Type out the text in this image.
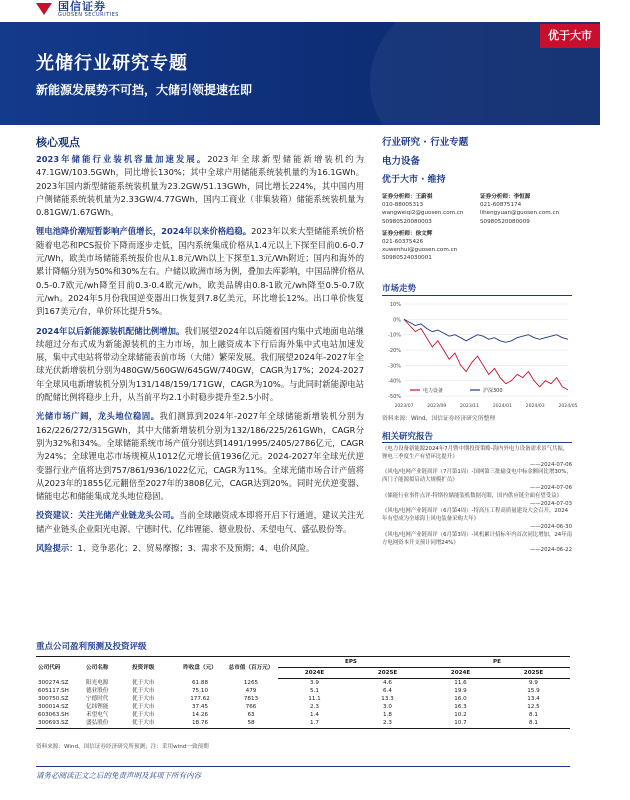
国信证券
GUOSEN SECURITIES
光储行业研究专题
新能源发展势不可挡，大储引领提速在即
优于大市
核心观点

2023年储能行业装机容量加速发展。2023年全球新型储能新增装机约为47.1GW/103.5GWh，同比增长130%；其中全球户用储能系统装机量约为16.1GWh。2023年国内新型储能系统装机量为23.2GW/51.13GWh，同比增长224%，其中国内用户侧储能系统装机量为2.33GW/4.77GWh，国内工商业（非集装箱）储能系统装机量为0.81GW/1.67GWh。

锂电池降价潮短暂影响产值增长，2024年以来价格趋稳。2023年以来大型储能系统价格随着电芯和PCS报价下降而逐步走低，国内系统集成价格从1.4元以上下探至目前0.6-0.7元/Wh，欧美市场储能系统报价也从1.8元/Wh以上下探至1.3元/Wh附近；国内和海外的累计降幅分别为50%和30%左右。户储以欧洲市场为例，叠加去库影响，中国品牌价格从0.5-0.7欧元/wh降至目前0.3-0.4欧元/wh，欧美品牌由0.8-1欧元/wh降至0.5-0.7欧元/wh。2024年5月份我国逆变器出口恢复到7.8亿美元，环比增长12%。出口单价恢复到167美元/台，单价环比提升5%。

2024年以后新能源装机配储比例增加。我们展望2024年以后随着国内集中式地面电站继续超过分布式成为新能源装机的主力市场，加上融资成本下行后海外集中式电站加速发展，集中式电站将带动全球储能表前市场（大储）繁荣发展。我们展望2024年-2027年全球光伏新增装机分别为480GW/560GW/645GW/740GW，CAGR为17%；2024-2027年全球风电新增装机分别为131/148/159/171GW，CAGR为10%。与此同时新能源电站的配储比例将稳步上升，从当前平均2.1小时稳步提升至2.5小时。

光储市场广阔，龙头地位稳固。我们测算到2024年-2027年全球储能新增装机分别为162/226/272/315GWh，其中大储新增装机分别为132/186/225/261GWh，CAGR分别为32%和34%。全球储能系统市场产值分别达到1491/1995/2405/2786亿元，CAGR为24%；全球锂电芯市场规模从1012亿元增长值1936亿元。2024-2027年全球光伏逆变器行业产值将达到757/861/936/1022亿元，CAGR为11%。全球光储市场合计产值将从2023年的1855亿元翻倍至2027年的3808亿元，CAGR达到20%。同时光伏逆变器、储能电芯和储能集成龙头地位稳固。

投资建议：关注光储产业链龙头公司。当前全球融资成本即将开启下行通道，建议关注光储产业链头企业阳光电源、宁德时代、亿纬锂能、德业股份、禾望电气、盛弘股份等。

风险提示：1、竞争恶化；2、贸易摩擦；3、需求不及预期；4、电价风险。

行业研究 · 行业专题
电力设备
优于大市 · 维持
证券分析师：王蔚祺
010-88005313
wangweiqi2@guosen.com.cn
S0980520080003
证券分析师：李恒源
021-60875174
lihengyuan@guosen.com.cn
S0980520080009
证券分析师：徐文辉
021-60375426
xuwenhui@guosen.com.cn
S0980524030001
市场走势
10%
0%
-10%
-20%
-30%
-40%
-50%
2023/07	2023/09	2023/11	2024/01	2024/03	2024/05
电力设备	沪深300
资料来源：Wind、国信证券经济研究所整理
相关研究报告
《电力设备新能源2024年7月暨中期投资策略-海内外电力设备需求景气共振，锂电三季度生产有望环比提升》
——2024-07-06
《风电/电网产业链周评（7月第1周）-国网第三批输变电中标金额同比增30%，西门子能源拟启动大规模扩员》
——2024-07-06
《储能行业事件点评-特斯拉储能装机数据亮眼，国内供应链全面有望受益》
——2024-07-03
《风电/电网产业链周评（6月第4周）-特高压工程高质量建设大会召开，2024年有望成为全球海上风电装备采购大年》
——2024-06-30
《风电/电网产业链周评（6月第3周）-风机累计招标年内首次同比增加，24年南方电网资本开支预计同增24%》
——2024-06-22
重点公司盈利预测及投资评级
公司代码	公司名称	投资评级	昨收盘（元）	总市值（百万元）	EPS		PE	
					2024E	2025E	2024E	2025E
300274.SZ	阳光电源	优于大市	61.88	1265	3.9	4.6	11.6	9.9
605117.SH	德业股份	优于大市	75.10	479	5.1	6.4	19.9	15.9
300750.SZ	宁德时代	优于大市	177.62	7813	11.1	13.3	16.0	13.4
300014.SZ	亿纬锂能	优于大市	37.45	766	2.3	3.0	16.3	12.5
603063.SH	禾望电气	优于大市	14.26	63	1.4	1.8	10.2	8.1
300693.SZ	盛弘股份	优于大市	18.76	58	1.7	2.3	10.7	8.1
资料来源：Wind、国信证券经济研究所预测；注：采用wind一致预期
请务必阅读正文之后的免责声明及其项下所有内容
